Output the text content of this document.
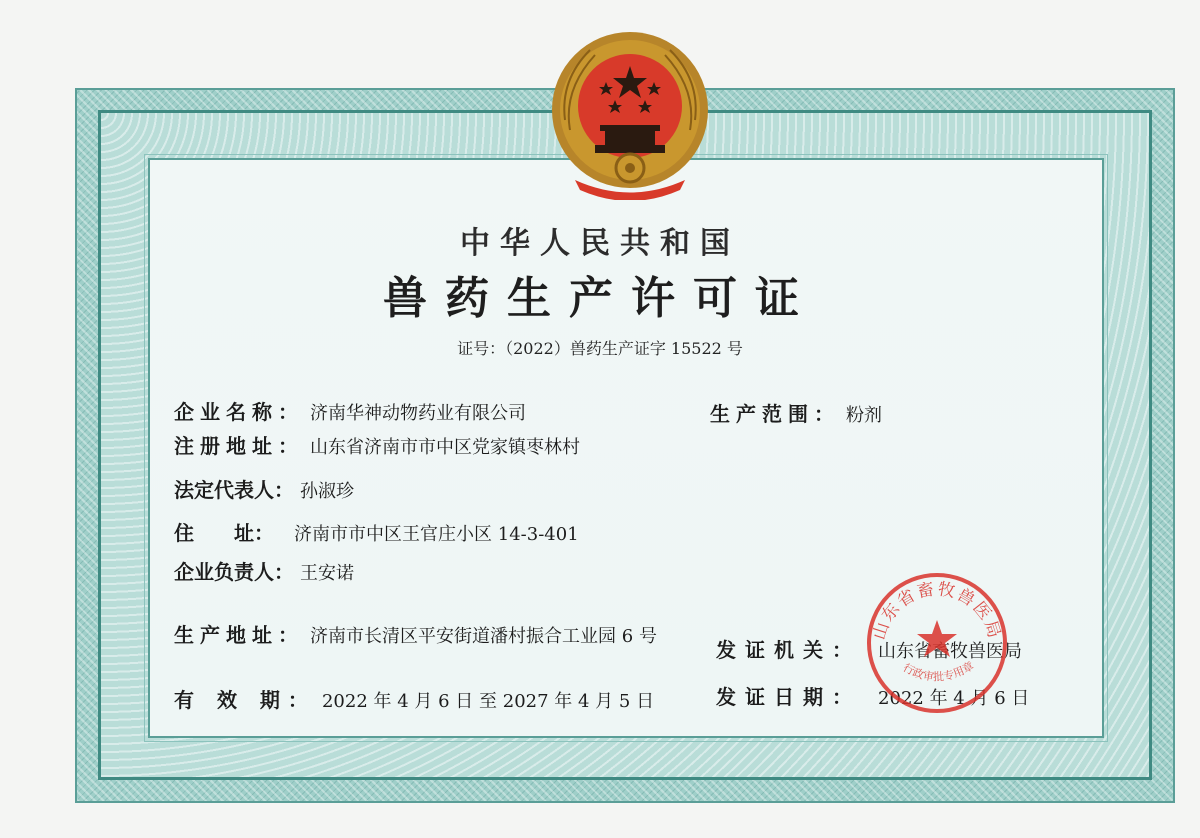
中华人民共和国
兽药生产许可证
证号：（2022）兽药生产证字 15522 号
企业名称： 济南华神动物药业有限公司
注册地址： 山东省济南市市中区党家镇枣林村
法定代表人： 孙淑珍
住　　址： 济南市市中区王官庄小区 14-3-401
企业负责人： 王安诺
生产地址： 济南市长清区平安街道潘村振合工业园 6 号
有 效 期： 2022 年 4 月 6 日 至 2027 年 4 月 5 日
生产范围： 粉剂
发证机关： 山东省畜牧兽医局
发证日期： 2022 年 4 月 6 日
山东省畜牧兽医局
行政审批专用章
